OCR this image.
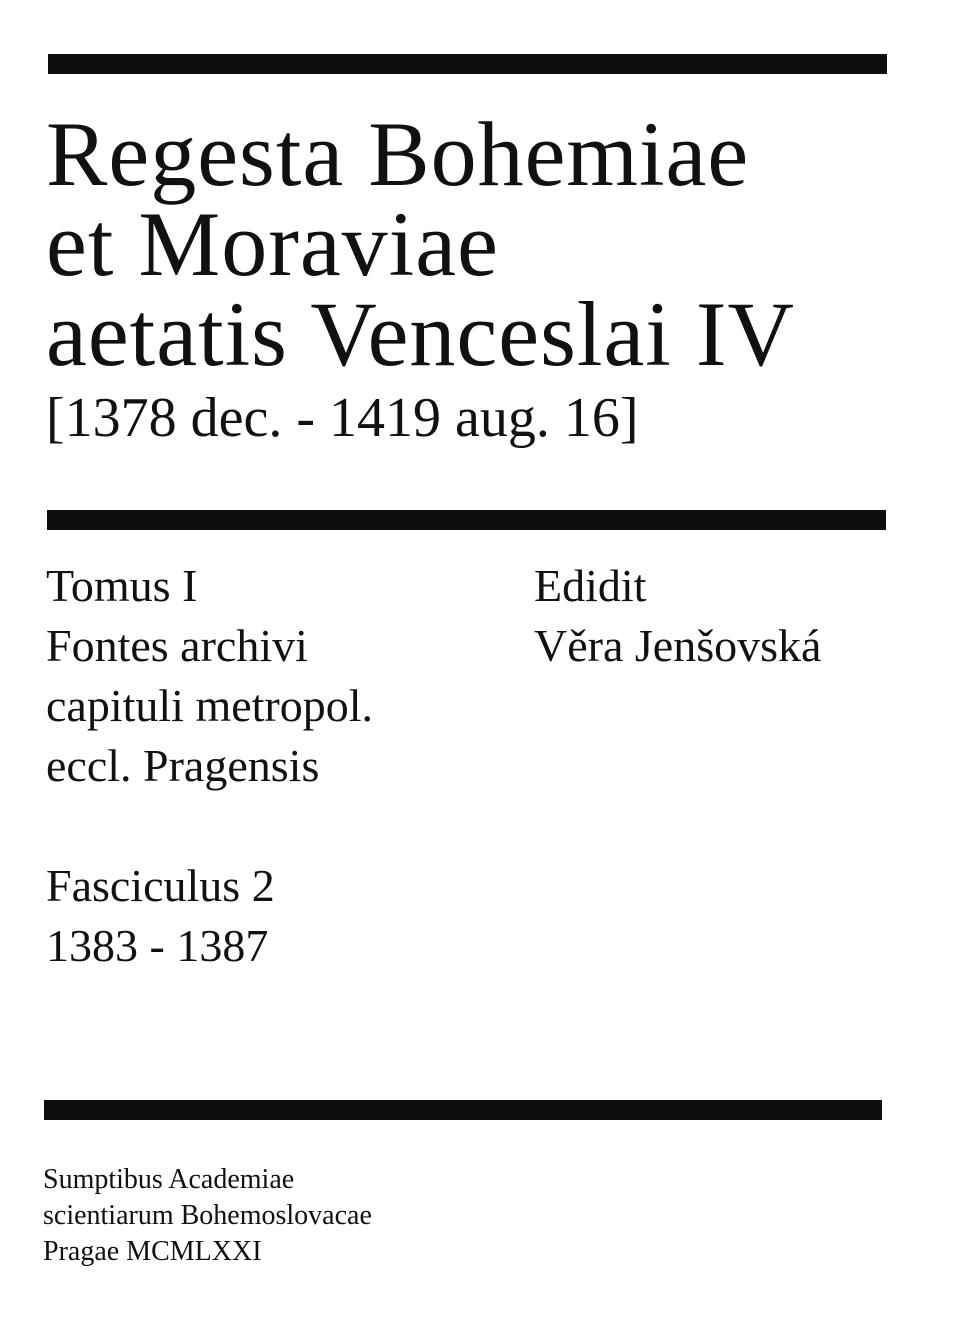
Regesta Bohemiae
et Moraviae
aetatis Venceslai IV
[1378 dec. - 1419 aug. 16]
Tomus I
Fontes archivi
capituli metropol.
eccl. Pragensis
Edidit
Věra Jenšovská
Fasciculus 2
1383 - 1387
Sumptibus Academiae
scientiarum Bohemoslovacae
Pragae MCMLXXI
